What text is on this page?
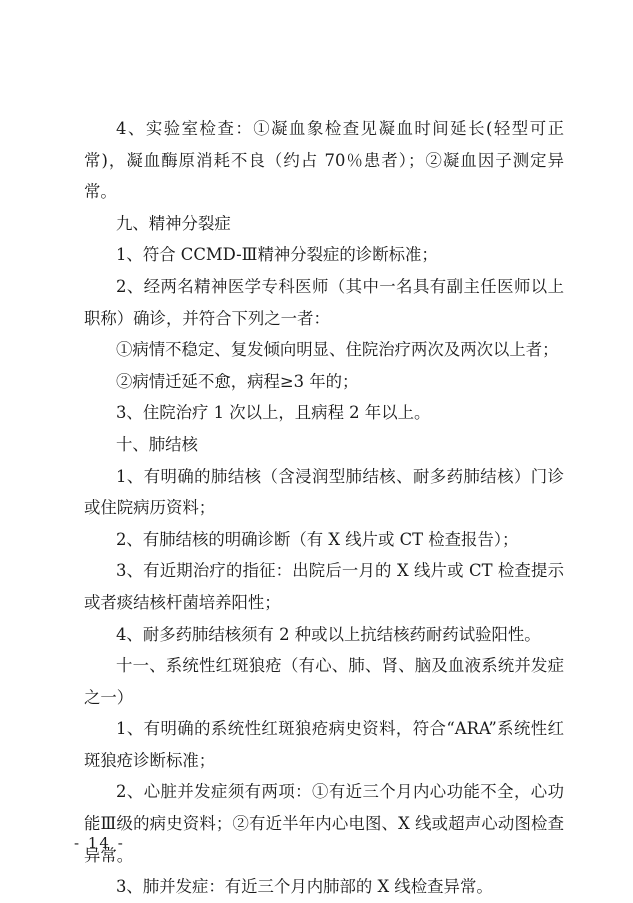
4、实验室检查：①凝血象检查见凝血时间延长(轻型可正常)，凝血酶原消耗不良（约占 70％患者）；②凝血因子测定异常。

九、精神分裂症

1、符合 CCMD-Ⅲ精神分裂症的诊断标准；

2、经两名精神医学专科医师（其中一名具有副主任医师以上职称）确诊，并符合下列之一者：

①病情不稳定、复发倾向明显、住院治疗两次及两次以上者；

②病情迁延不愈，病程≥3 年的；

3、住院治疗 1 次以上，且病程 2 年以上。

十、肺结核

1、有明确的肺结核（含浸润型肺结核、耐多药肺结核）门诊或住院病历资料；

2、有肺结核的明确诊断（有 X 线片或 CT 检查报告）；

3、有近期治疗的指征：出院后一月的 X 线片或 CT 检查提示或者痰结核杆菌培养阳性；

4、耐多药肺结核须有 2 种或以上抗结核药耐药试验阳性。

十一、系统性红斑狼疮（有心、肺、肾、脑及血液系统并发症之一）

1、有明确的系统性红斑狼疮病史资料，符合“ARA”系统性红斑狼疮诊断标准；

2、心脏并发症须有两项：①有近三个月内心功能不全，心功能Ⅲ级的病史资料；②有近半年内心电图、X 线或超声心动图检查异常。

3、肺并发症：有近三个月内肺部的 X 线检查异常。

- 14 -
